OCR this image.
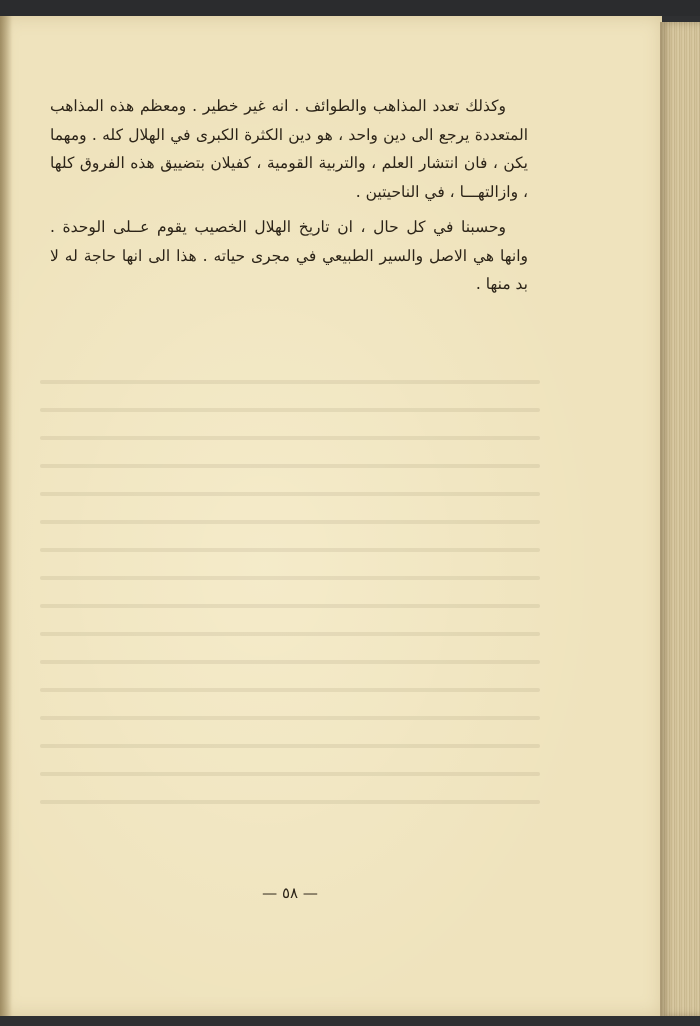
وكذلك تعدد المذاهب والطوائف . انه غير خطير . ومعظم هذه المذاهب المتعددة يرجع الى دين واحد ، هو دين الكثرة الكبرى في الهلال كله . ومهما يكن ، فان انتشار العلم ، والتربية القومية ، كفيلان بتضييق هذه الفروق كلها ، وازالتهـــا ، في الناحيتين .

وحسبنا في كل حال ، ان تاريخ الهلال الخصيب يقوم عــلى الوحدة . وانها هي الاصل والسير الطبيعي في مجرى حياته . هذا الى انها حاجة له لا بد منها .

— ٥٨ —
